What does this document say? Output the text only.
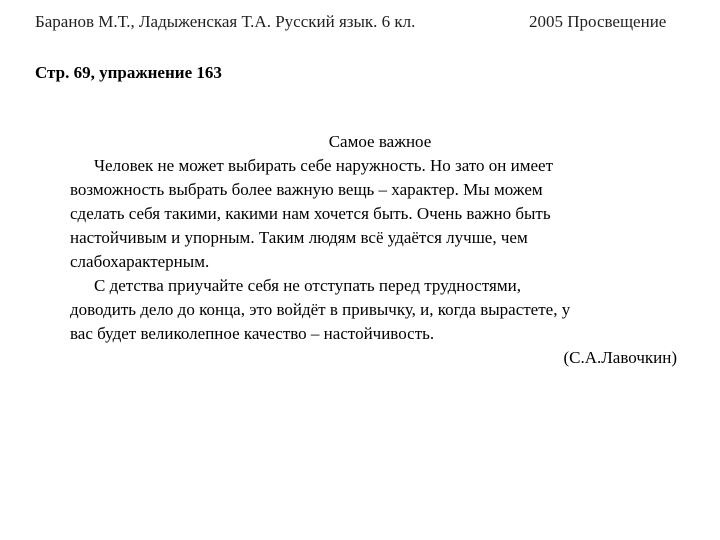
Баранов М.Т., Ладыженская Т.А. Русский язык. 6 кл.	2005 Просвещение
Стр. 69, упражнение 163

Самое важное

Человек не может выбирать себе наружность. Но зато он имеет
возможность выбрать более важную вещь – характер. Мы можем
сделать себя такими, какими нам хочется быть. Очень важно быть
настойчивым и упорным. Таким людям всё удаётся лучше, чем
слабохарактерным.

С детства приучайте себя не отступать перед трудностями,
доводить дело до конца, это войдёт в привычку, и, когда вырастете, у
вас будет великолепное качество – настойчивость.

(С.А.Лавочкин)
